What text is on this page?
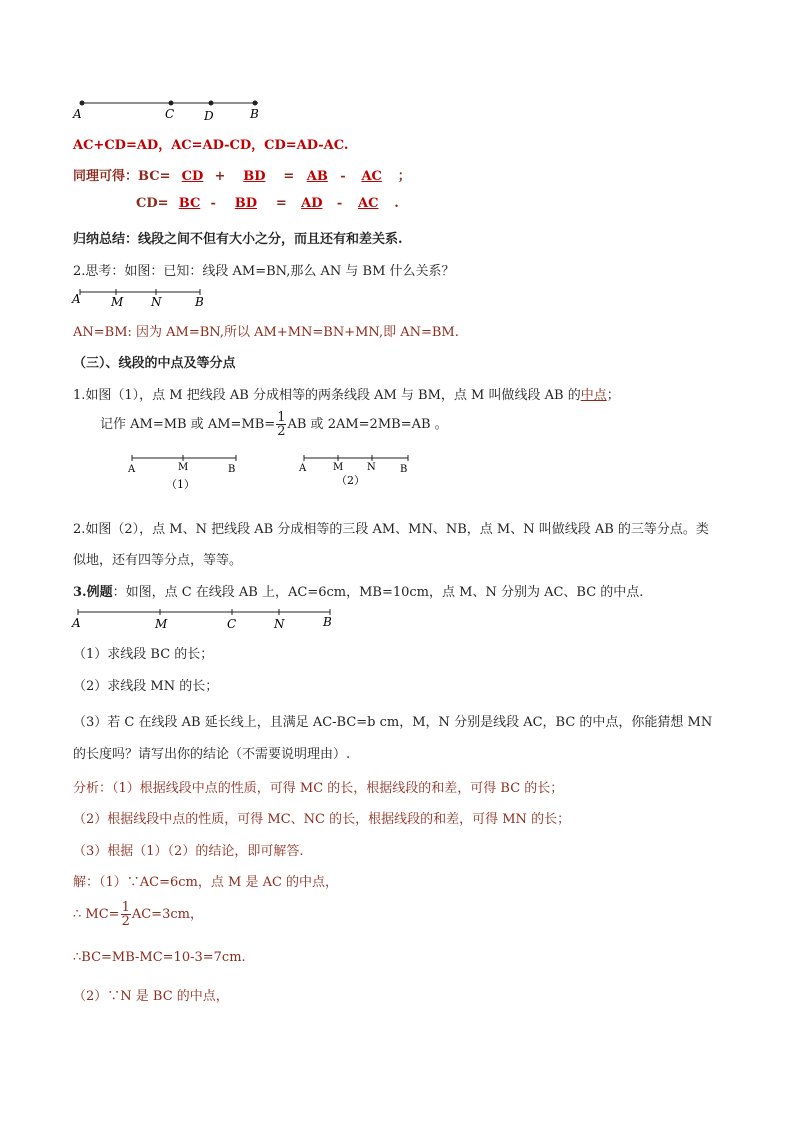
A	C D	B
AC+CD=AD，AC=AD-CD，CD=AD-AC.
同理可得：BC= CD + BD = AB - AC ；
CD= BC - BD = AD - AC .
归纳总结：线段之间不但有大小之分，而且还有和差关系.
2.思考：如图：已知：线段 AM=BN,那么 AN 与 BM 什么关系？
A	M N	B
AN=BM: 因为 AM=BN,所以 AM+MN=BN+MN,即 AN=BM.
（三）、线段的中点及等分点
1.如图（1），点 M 把线段 AB 分成相等的两条线段 AM 与 BM，点 M 叫做线段 AB 的中点；
记作 AM=MB 或 $AM=MB= \frac{1}{2}$ AB 或 2AM=2MB=AB 。
A	M	B
（1）
A	M N B
（2）
2.如图（2），点 M、N 把线段 AB 分成相等的三段 AM、MN、NB，点 M、N 叫做线段 AB 的三等分点。类
似地，还有四等分点，等等。
3.例题：如图，点 C 在线段 AB 上，AC=6cm，MB=10cm，点 M、N 分别为 AC、BC 的中点.
A	M	C	N	B
（1）求线段 BC 的长；
（2）求线段 MN 的长；
（3）若 C 在线段 AB 延长线上，且满足 AC-BC=b cm，M，N 分别是线段 AC，BC 的中点，你能猜想 MN
的长度吗？请写出你的结论（不需要说明理由）.
分析：（1）根据线段中点的性质，可得 MC 的长，根据线段的和差，可得 BC 的长；
（2）根据线段中点的性质，可得 MC、NC 的长，根据线段的和差，可得 MN 的长；
（3）根据（1）（2）的结论，即可解答.
解：（1）∵AC=6cm，点 M 是 AC 的中点，
∴ $MC= \frac{1}{2} AC=3cm$，
∴BC=MB-MC=10-3=7cm.
（2）∵N 是 BC 的中点，
